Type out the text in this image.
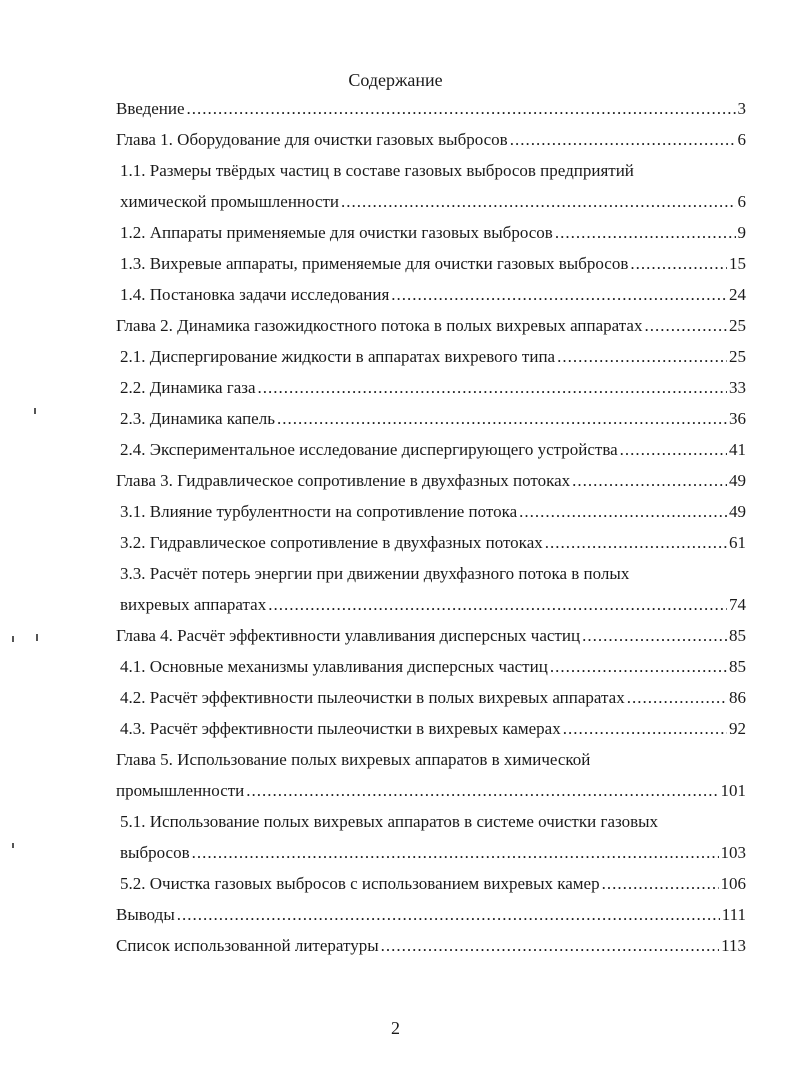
Содержание
Введение .....	3
Глава 1. Оборудование для очистки газовых выбросов .....	6
1.1. Размеры твёрдых частиц в составе газовых выбросов предприятий
химической промышленности .....	6
1.2. Аппараты применяемые для очистки газовых выбросов .....	9
1.3. Вихревые аппараты, применяемые для очистки газовых выбросов .....	15
1.4. Постановка задачи исследования .....	24
Глава 2. Динамика газожидкостного потока в полых вихревых аппаратах .....	25
2.1. Диспергирование жидкости в аппаратах вихревого типа .....	25
2.2. Динамика газа .....	33
2.3. Динамика капель .....	36
2.4. Экспериментальное исследование диспергирующего устройства .....	41
Глава 3. Гидравлическое сопротивление в двухфазных потоках .....	49
3.1. Влияние турбулентности на сопротивление потока .....	49
3.2. Гидравлическое сопротивление в двухфазных потоках .....	61
3.3. Расчёт потерь энергии при движении двухфазного потока в полых
вихревых аппаратах .....	74
Глава 4. Расчёт эффективности улавливания дисперсных частиц .....	85
4.1. Основные механизмы улавливания дисперсных частиц .....	85
4.2. Расчёт эффективности пылеочистки в полых вихревых аппаратах .....	86
4.3. Расчёт эффективности пылеочистки в вихревых камерах .....	92
Глава 5. Использование полых вихревых аппаратов в химической
промышленности .....	101
5.1. Использование полых вихревых аппаратов в системе очистки газовых
выбросов .....	103
5.2. Очистка газовых выбросов с использованием вихревых камер .....	106
Выводы .....	111
Список использованной литературы .....	113
2
